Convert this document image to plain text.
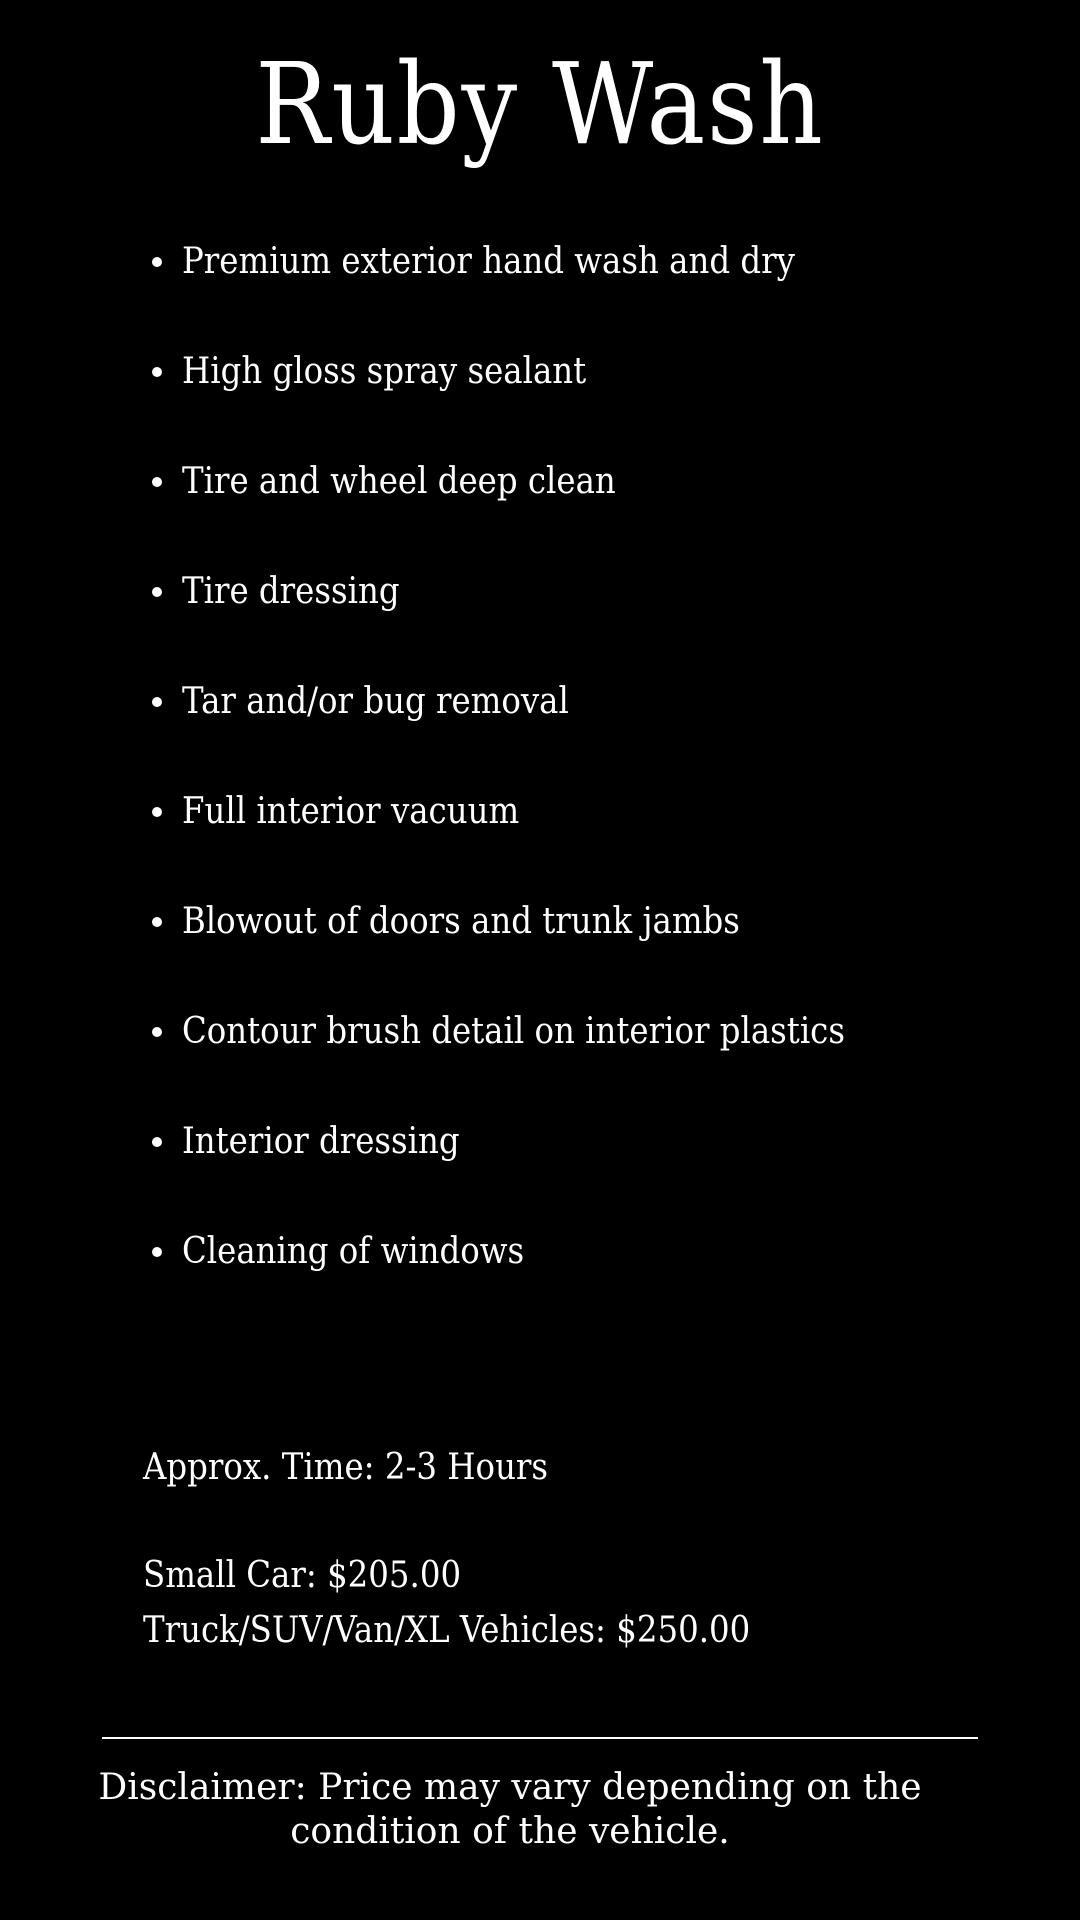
Ruby Wash
Premium exterior hand wash and dry
High gloss spray sealant
Tire and wheel deep clean
Tire dressing
Tar and/or bug removal
Full interior vacuum
Blowout of doors and trunk jambs
Contour brush detail on interior plastics
Interior dressing
Cleaning of windows
Approx. Time: 2-3 Hours
Small Car: $205.00
Truck/SUV/Van/XL Vehicles: $250.00
Disclaimer: Price may vary depending on the condition of the vehicle.
